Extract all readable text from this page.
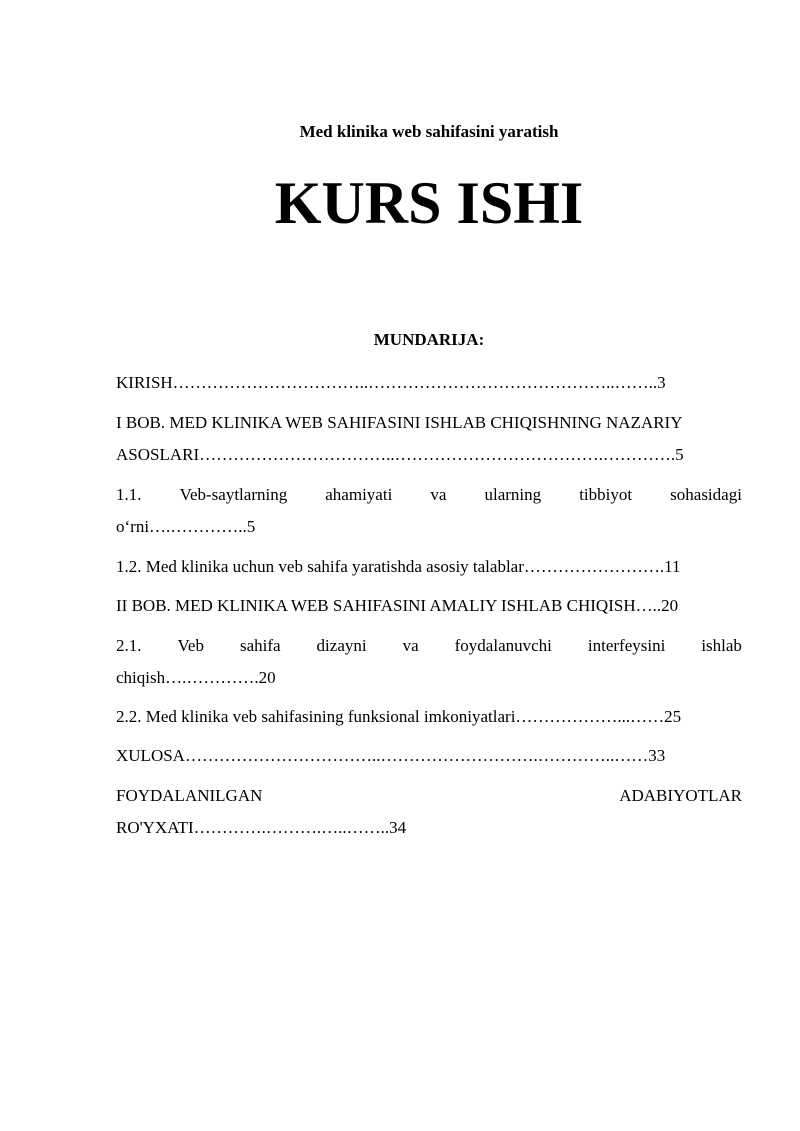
Med klinika web sahifasini yaratish
KURS ISHI
MUNDARIJA:
KIRISH……………………………..……………………………………..……..3
I BOB. MED KLINIKA WEB SAHIFASINI ISHLAB CHIQISHNING NAZARIY
ASOSLARI……………………………..……………………………….………….5
1.1. Veb-saytlarning ahamiyati va ularning tibbiyot sohasidagi
o‘rni….…………..5
1.2. Med klinika uchun veb sahifa yaratishda asosiy talablar…………………….11
II BOB. MED KLINIKA WEB SAHIFASINI AMALIY ISHLAB CHIQISH…..20
2.1. Veb sahifa dizayni va foydalanuvchi interfeysini ishlab
chiqish….………….20
2.2. Med klinika veb sahifasining funksional imkoniyatlari………………...……25
XULOSA……………………………..……………………….…………..……33
FOYDALANILGAN	ADABIYOTLAR
RO'YXATI………….……….…..……..34
